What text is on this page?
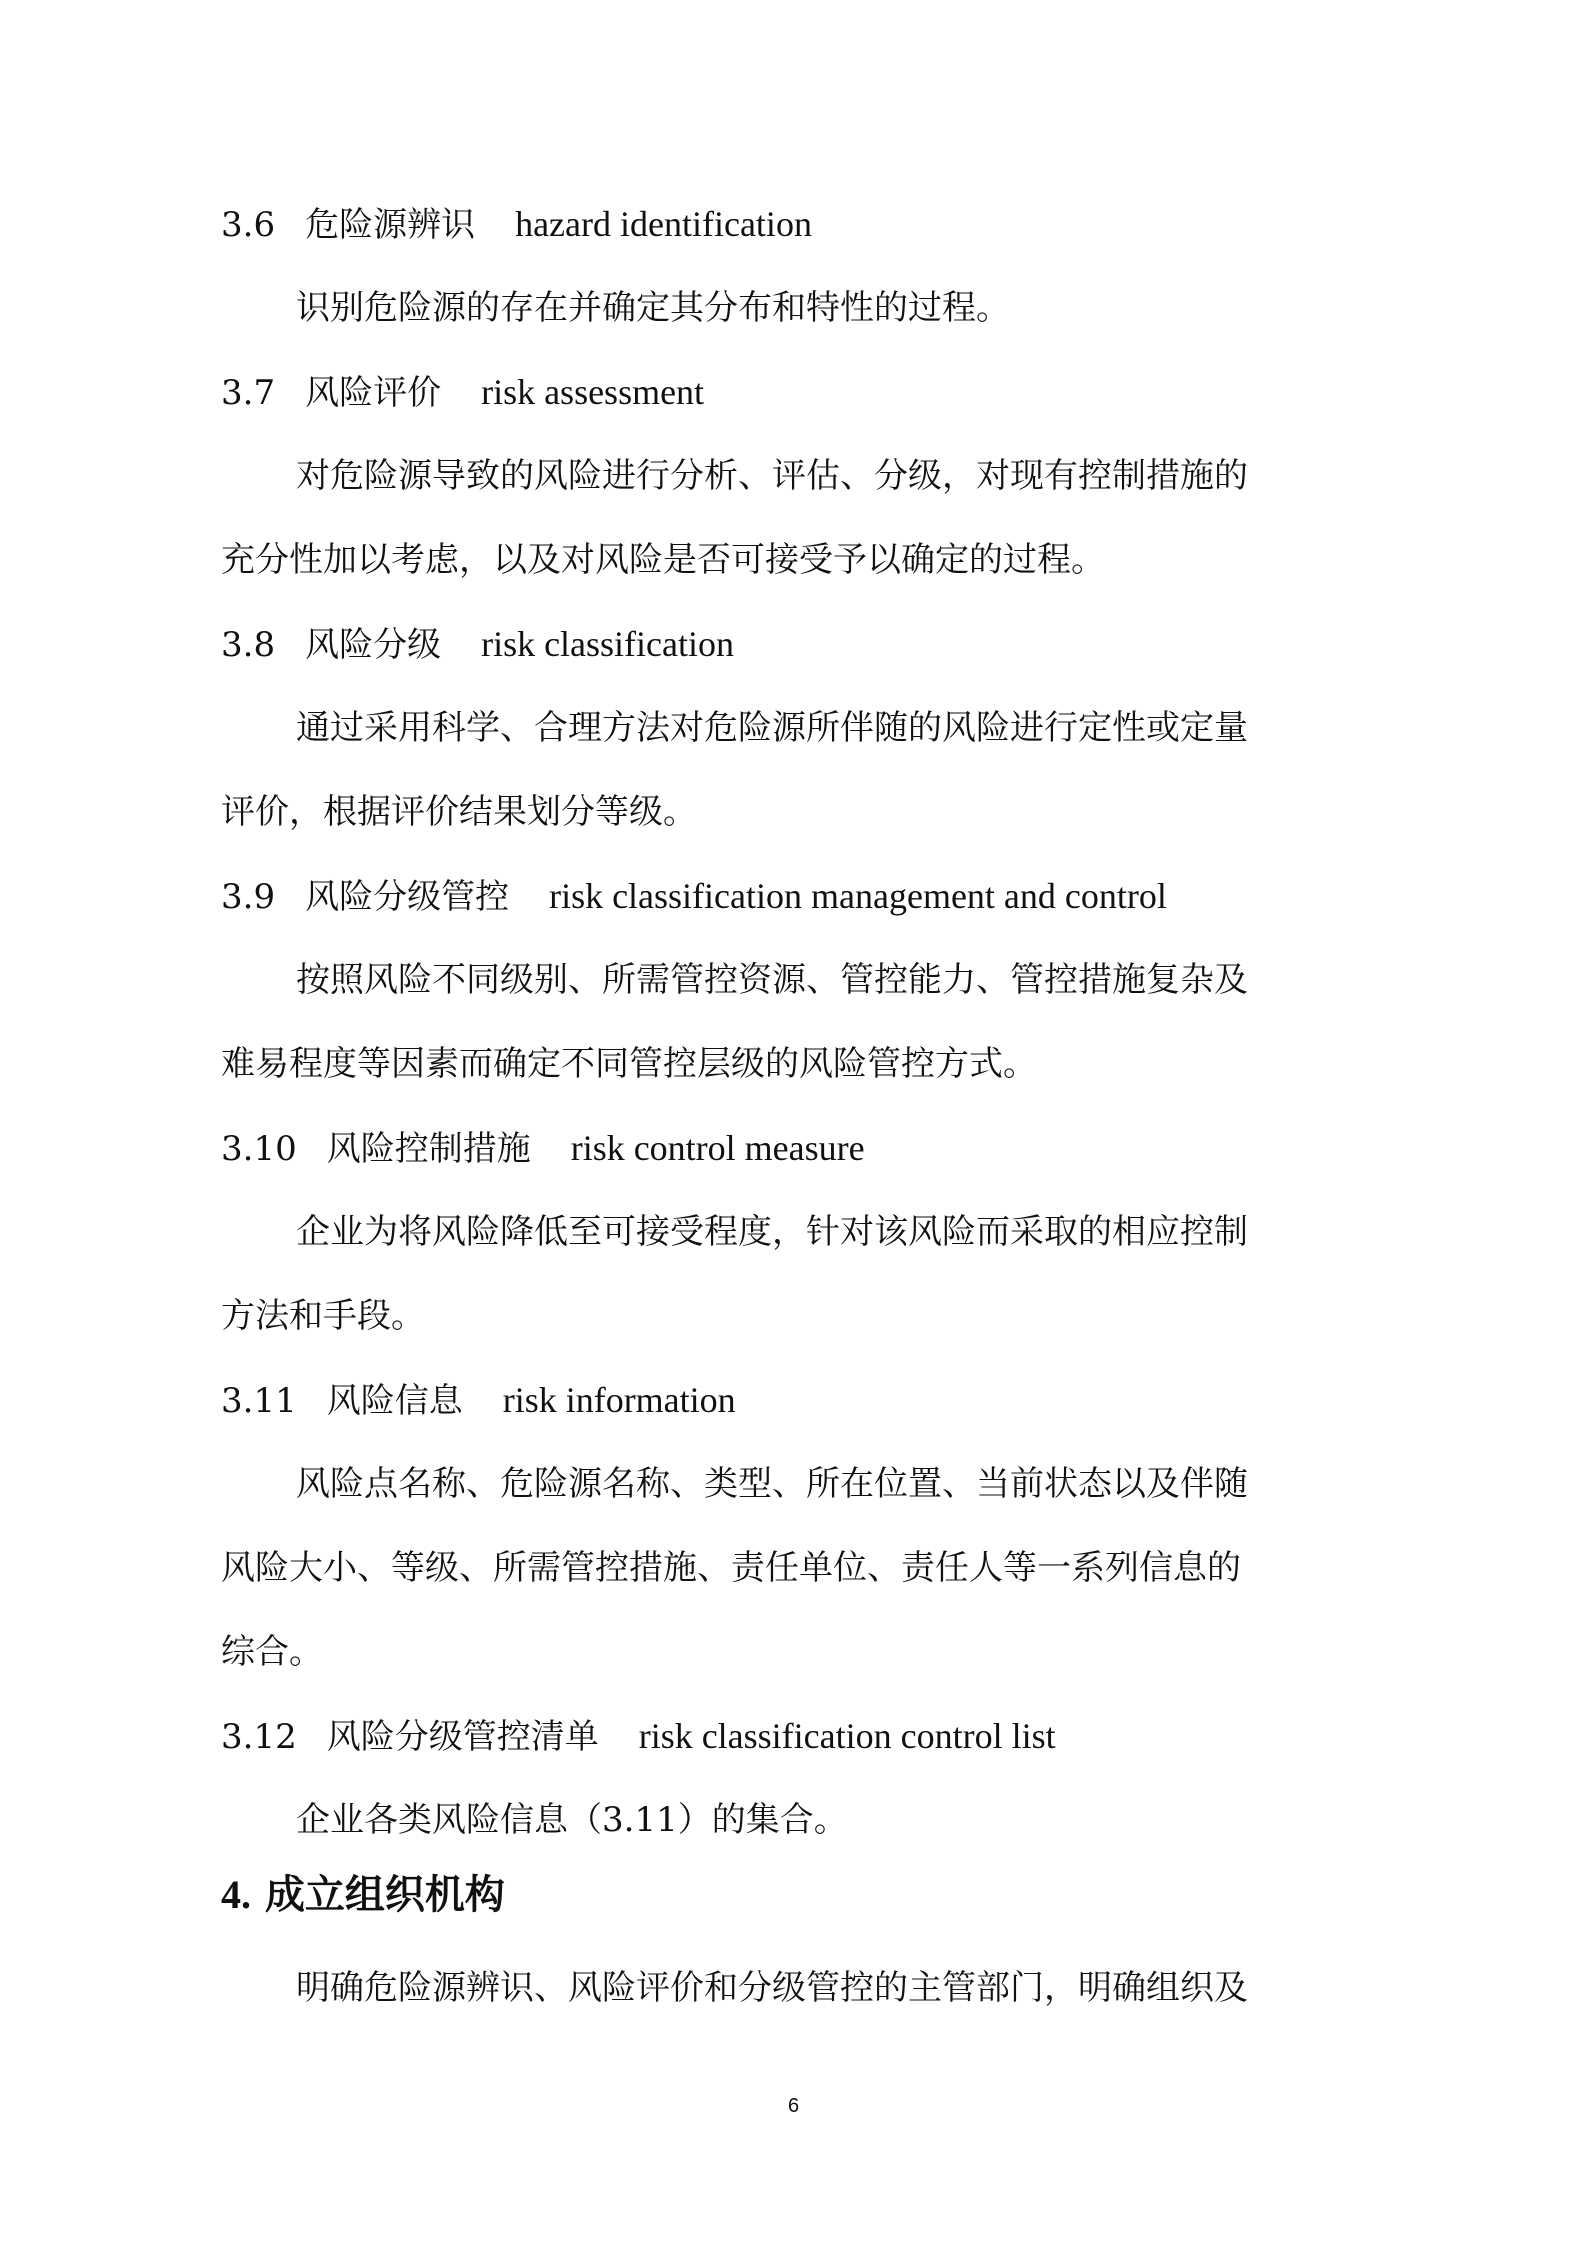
3.6 危险源辨识 hazard identification
识别危险源的存在并确定其分布和特性的过程。
3.7 风险评价 risk assessment
对危险源导致的风险进行分析、评估、分级，对现有控制措施的
充分性加以考虑，以及对风险是否可接受予以确定的过程。
3.8 风险分级 risk classification
通过采用科学、合理方法对危险源所伴随的风险进行定性或定量
评价，根据评价结果划分等级。
3.9 风险分级管控 risk classification management and control
按照风险不同级别、所需管控资源、管控能力、管控措施复杂及
难易程度等因素而确定不同管控层级的风险管控方式。
3.10 风险控制措施 risk control measure
企业为将风险降低至可接受程度，针对该风险而采取的相应控制
方法和手段。
3.11 风险信息 risk information
风险点名称、危险源名称、类型、所在位置、当前状态以及伴随
风险大小、等级、所需管控措施、责任单位、责任人等一系列信息的
综合。
3.12 风险分级管控清单 risk classification control list
企业各类风险信息（3.11）的集合。
4. 成立组织机构
明确危险源辨识、风险评价和分级管控的主管部门，明确组织及
6
